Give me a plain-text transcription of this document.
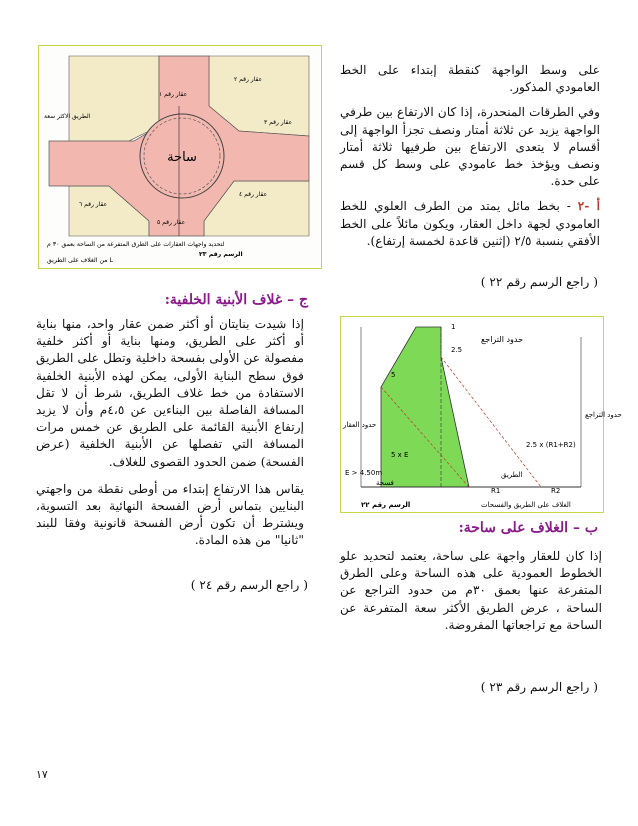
على وسط الواجهة كنقطة إبتداء على الخط العامودي المذكور.

وفي الطرقات المنحدرة، إذا كان الارتفاع بين طرفي الواجهة يزيد عن ثلاثة أمتار ونصف تجزأ الواجهة إلى أقسام لا يتعدى الارتفاع بين طرفيها ثلاثة أمتار ونصف ويؤخذ خط عامودي على وسط كل قسم على حدة.

أ -٢ - بخط مائل يمتد من الطرف العلوي للخط العامودي لجهة داخل العقار، ويكون مائلاً على الخط الأفقي بنسبة ٢/٥ (إثنين قاعدة لخمسة إرتفاع).

( راجع الرسم رقم ٢٢ )
ساحة
عقار رقم ١
عقار رقم ٢
عقار رقم ٣
عقار رقم ٤
عقار رقم ٥
عقار رقم ٦
الطريق الاكثر سعة
لتحديد واجهات العقارات على الطرق المتفرعة من الساحة بعمق ٣٠ م
الرسم رقم ٢٣
من الغلاف على الطريق L
ج – غلاف الأبنية الخلفية:

إذا شيدت بنايتان أو أكثر ضمن عقار واحد، منها بناية أو أكثر على الطريق، ومنها بناية أو أكثر خلفية مفصولة عن الأولى بفسحة داخلية وتطل على الطريق فوق سطح البناية الأولى، يمكن لهذه الأبنية الخلفية الاستفادة من خط غلاف الطريق، شرط أن لا تقل المسافة الفاصلة بين البناءين عن ٤،٥م وأن لا يزيد إرتفاع الأبنية القائمة على الطريق عن خمس مرات المسافة التي تفصلها عن الأبنية الخلفية (عرض الفسحة) ضمن الحدود القصوى للغلاف.

يقاس هذا الارتفاع إبتداء من أوطى نقطة من واجهتي البنايين بتماس أرض الفسحة النهائية بعد التسوية، ويشترط أن تكون أرض الفسحة قانونية وفقا للبند "ثانيا" من هذه المادة.

( راجع الرسم رقم ٢٤ )
حدود التراجع
1
2.5
5
5 x E
2.5 x (R1+R2)
حدود العقار
حدود التراجع
E > 4.50m
فسحة
الطريق
R1	R2
الغلاف على الطريق والفسحات
الرسم رقم ٢٢
ب – الغلاف على ساحة:

إذا كان للعقار واجهة على ساحة، يعتمد لتحديد علو الخطوط العمودية على هذه الساحة وعلى الطرق المتفرعة عنها بعمق ٣٠م من حدود التراجع عن الساحة ، عرض الطريق الأكثر سعة المتفرعة عن الساحة مع تراجعاتها المفروضة.

( راجع الرسم رقم ٢٣ )
١٧
